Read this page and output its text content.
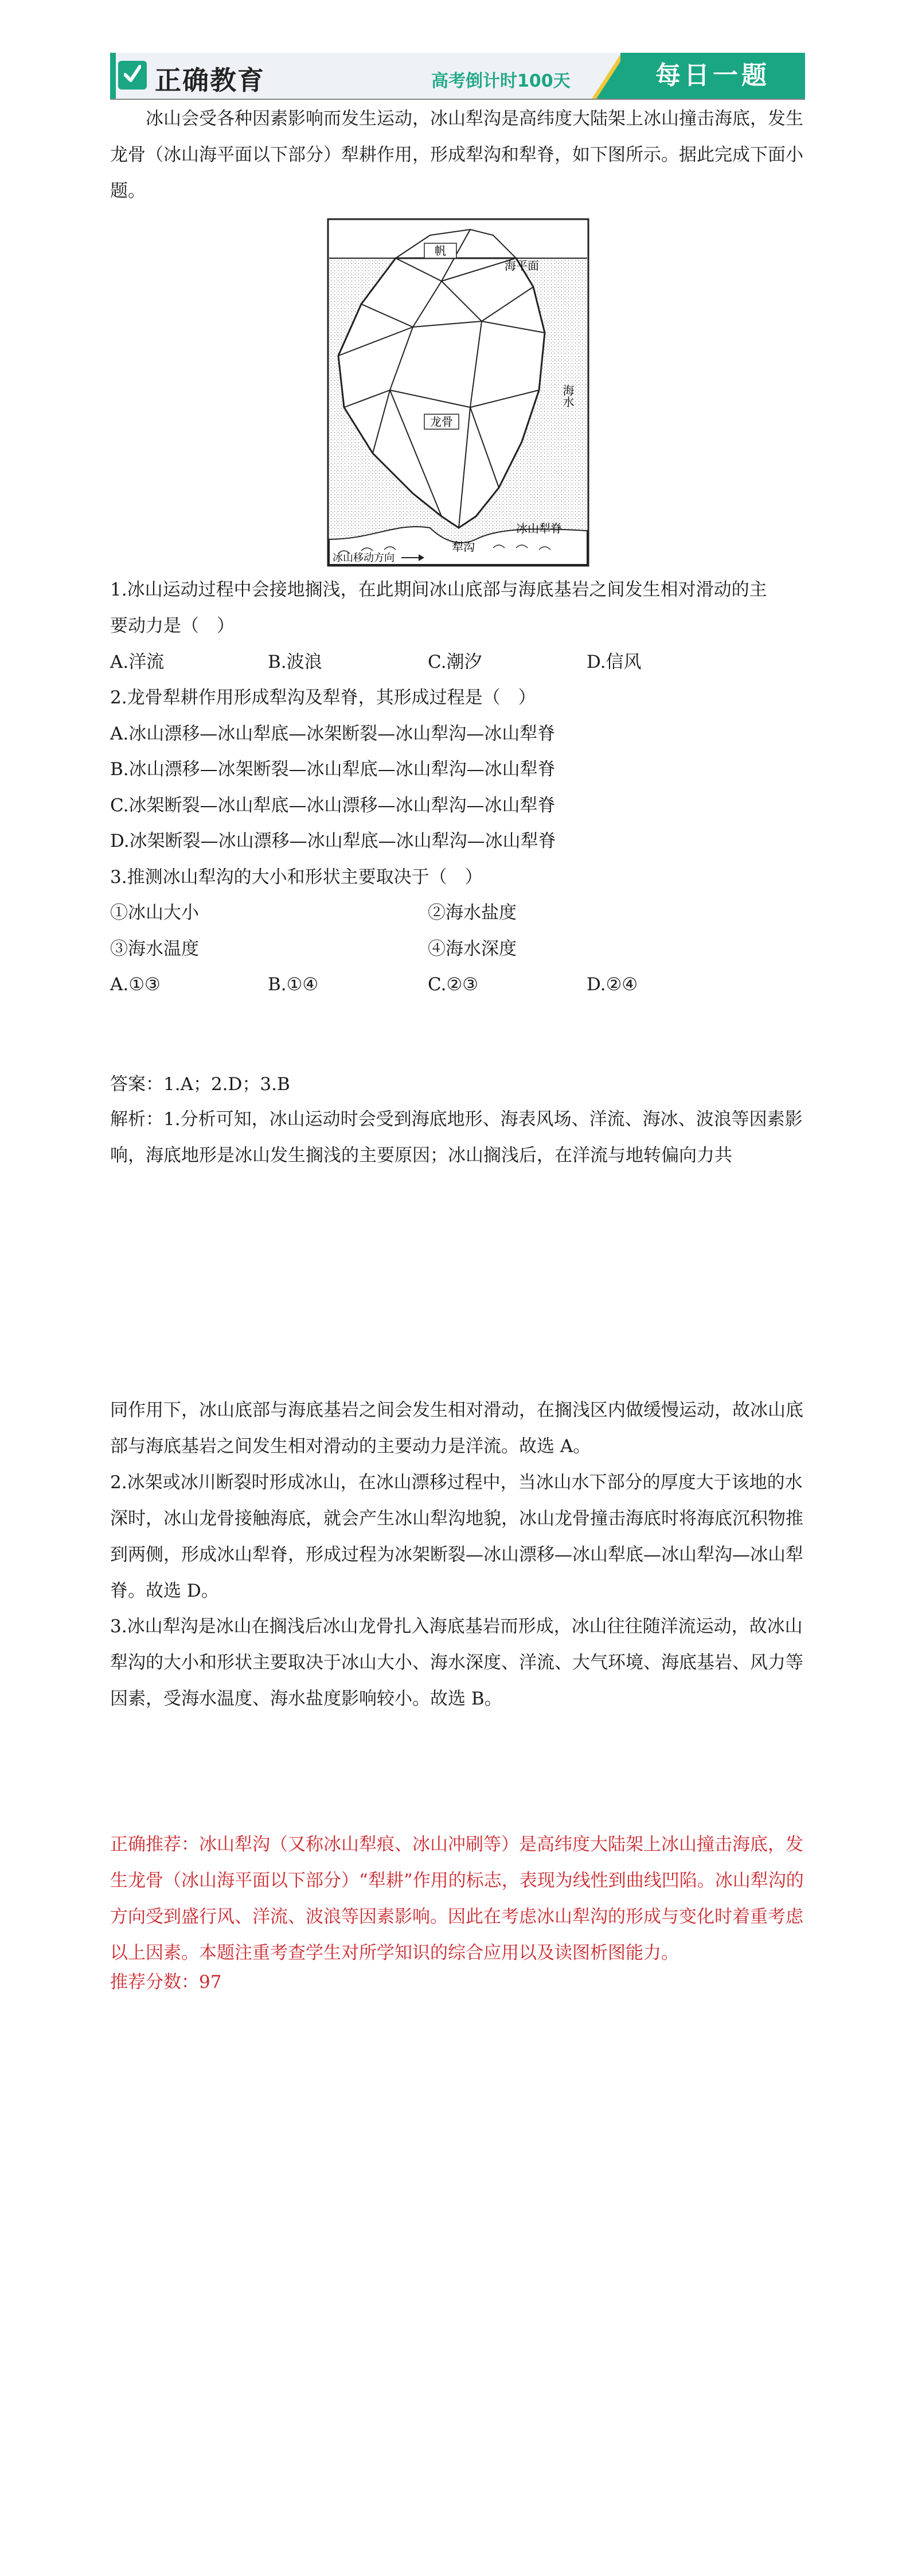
正确教育	高考倒计时100天	每日一题

冰山会受各种因素影响而发生运动，冰山犁沟是高纬度大陆架上冰山撞击海底，发生龙骨（冰山海平面以下部分）犁耕作用，形成犁沟和犁脊，如下图所示。据此完成下面小题。

帆
海平面
海水
龙骨
冰山犁脊
犁沟
冰山移动方向
1.冰山运动过程中会接地搁浅，在此期间冰山底部与海底基岩之间发生相对滑动的主
要动力是（　）
A.洋流	B.波浪	C.潮汐	D.信风
2.龙骨犁耕作用形成犁沟及犁脊，其形成过程是（　）
A.冰山漂移—冰山犁底—冰架断裂—冰山犁沟—冰山犁脊
B.冰山漂移—冰架断裂—冰山犁底—冰山犁沟—冰山犁脊
C.冰架断裂—冰山犁底—冰山漂移—冰山犁沟—冰山犁脊
D.冰架断裂—冰山漂移—冰山犁底—冰山犁沟—冰山犁脊
3.推测冰山犁沟的大小和形状主要取决于（　）
①冰山大小	②海水盐度
③海水温度	④海水深度
A.①③	B.①④	C.②③	D.②④
答案：1.A；2.D；3.B

解析：1.分析可知，冰山运动时会受到海底地形、海表风场、洋流、海冰、波浪等因素影响，海底地形是冰山发生搁浅的主要原因；冰山搁浅后，在洋流与地转偏向力共

同作用下，冰山底部与海底基岩之间会发生相对滑动，在搁浅区内做缓慢运动，故冰山底部与海底基岩之间发生相对滑动的主要动力是洋流。故选 A。

2.冰架或冰川断裂时形成冰山，在冰山漂移过程中，当冰山水下部分的厚度大于该地的水深时，冰山龙骨接触海底，就会产生冰山犁沟地貌，冰山龙骨撞击海底时将海底沉积物推到两侧，形成冰山犁脊，形成过程为冰架断裂—冰山漂移—冰山犁底—冰山犁沟—冰山犁脊。故选 D。

3.冰山犁沟是冰山在搁浅后冰山龙骨扎入海底基岩而形成，冰山往往随洋流运动，故冰山犁沟的大小和形状主要取决于冰山大小、海水深度、洋流、大气环境、海底基岩、风力等因素，受海水温度、海水盐度影响较小。故选 B。

正确推荐：冰山犁沟（又称冰山犁痕、冰山冲刷等）是高纬度大陆架上冰山撞击海底，发生龙骨（冰山海平面以下部分）“犁耕”作用的标志，表现为线性到曲线凹陷。冰山犁沟的方向受到盛行风、洋流、波浪等因素影响。因此在考虑冰山犁沟的形成与变化时着重考虑以上因素。本题注重考查学生对所学知识的综合应用以及读图析图能力。

推荐分数：97
